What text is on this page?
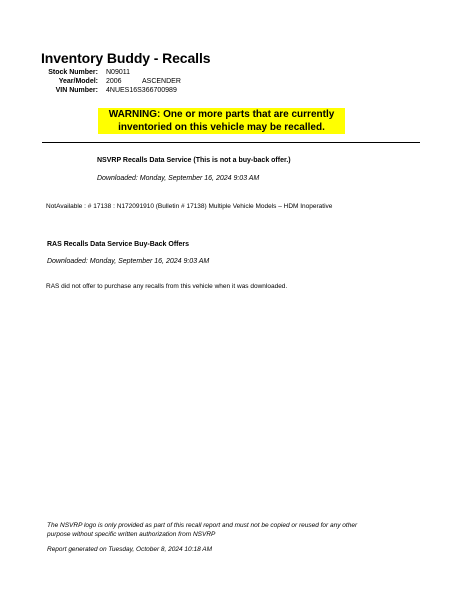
Inventory Buddy - Recalls
Stock Number: N09011
Year/Model: 2006	ASCENDER
VIN Number: 4NUES16S366700989
WARNING: One or more parts that are currently
inventoried on this vehicle may be recalled.
NSVRP Recalls Data Service (This is not a buy-back offer.)
Downloaded: Monday, September 16, 2024 9:03 AM
NotAvailable : # 17138 : N172091910 (Bulletin # 17138) Multiple Vehicle Models – HDM Inoperative
RAS Recalls Data Service Buy-Back Offers
Downloaded: Monday, September 16, 2024 9:03 AM
RAS did not offer to purchase any recalls from this vehicle when it was downloaded.
The NSVRP logo is only provided as part of this recall report and must not be copied or reused for any other
purpose without specific written authorization from NSVRP
Report generated on Tuesday, October 8, 2024 10:18 AM
